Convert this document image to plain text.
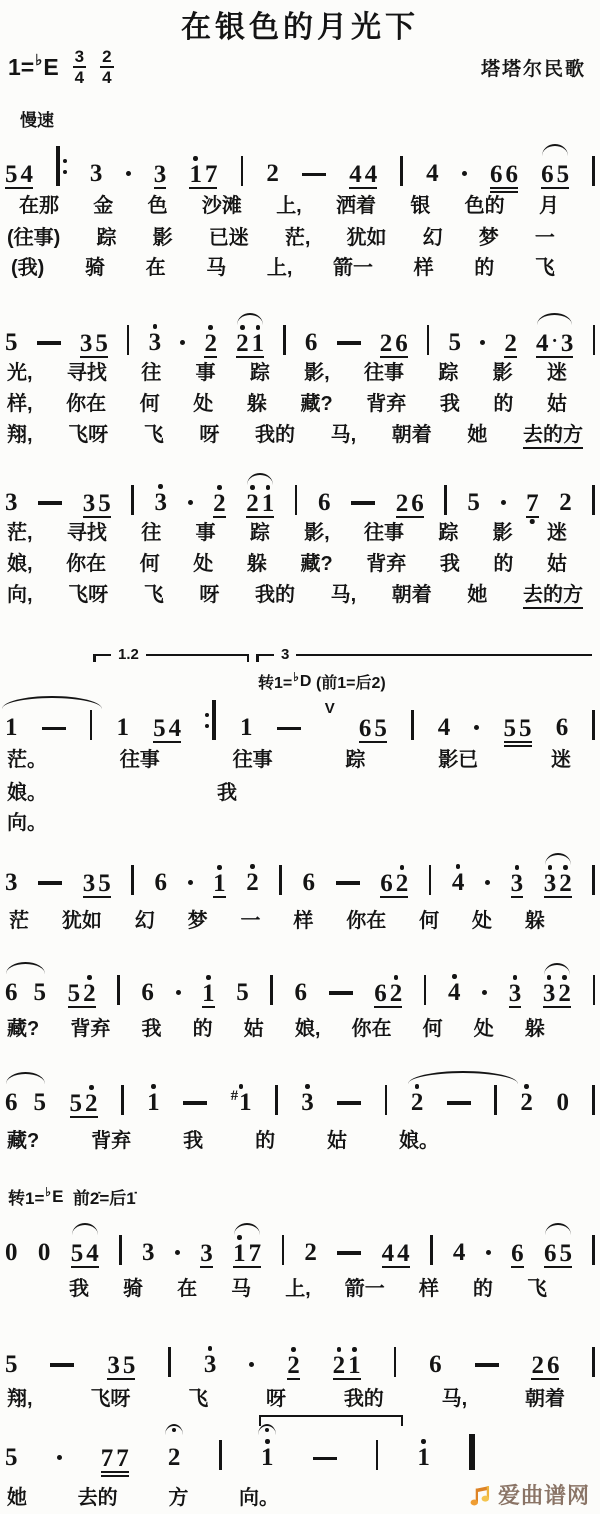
在银色的月光下
1= ♭ E $\frac{3}{4} \frac{2}{4}$	塔塔尔民歌
慢速
5 4 3 3 1 7 2	4 4 4 6 6 6 5
在那 金 色 沙滩 上, 洒着 银 色的 月
(往事) 踪 影 已迷 茫, 犹如 幻 梦 一
(我) 骑 在 马 上, 箭一 样 的 飞
5 3 5 3 2 2 1 6 2 6 5 2 4 · 3
光, 寻找 往 事 踪 影, 往事 踪 影 迷
样, 你在 何 处 躲 藏? 背弃 我 的 姑
翔, 飞呀 飞 呀 我的 马, 朝着 她 去的方
3	3 5 3 2 2 1 6	2 6 5 7 2
茫, 寻找 往 事 踪 影, 往事 踪 影 迷
娘, 你在 何 处 躲 藏? 背弃 我 的 姑
向, 飞呀 飞 呀 我的 马, 朝着 她 去的方
1	1 5 4 1
V
6 5 4 5 5 6
茫。	往事	往事	踪	影已	迷
娘。	我
向。
3	3 5 6 1 2 6	6 2 4 3 3 2
茫 犹如 幻 梦 一 样 你在 何 处 躲
6 5 5 2 6 1 5 6	6 2 4 3 3 2
藏? 背弃 我 的 姑 娘, 你在 何 处 躲
6 5 5 2 1	# 1 3	2	2 0
藏?	背弃	我	的	姑	娘。
0 0 5 4 3 3 1 7 2	4 4 4 6 6 5
我 骑 在 马 上, 箭一 样 的 飞
5	3 5	3	2 2 1	6	2 6
翔,	飞呀	飞	呀	我的	马,	朝着
5	7 7 2	1	1
她	去的	方	向。
1.2	3
转1= ♭ D
(前1=后2)
转1= ♭ E
前2̇=后1̇
爱曲谱网
